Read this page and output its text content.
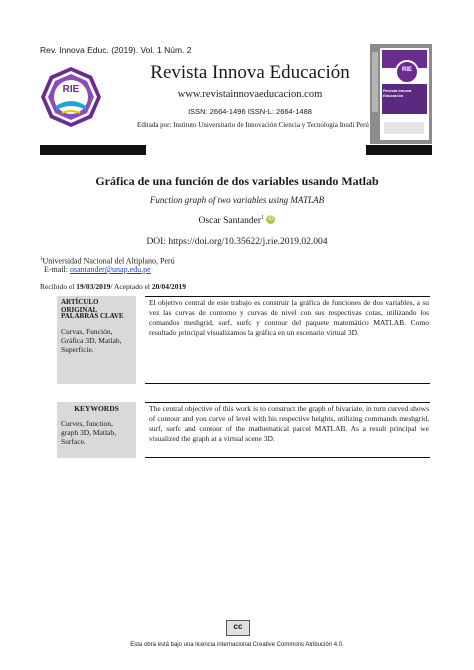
Rev. Innova Educ. (2019). Vol. 1 Núm. 2
RIE
Revista Innova Educación
www.revistainnovaeducacion.com
ISSN: 2664-1496 ISSN-L: 2664-1488
Editada por: Instituto Universitario de Innovación Ciencia y Tecnología Inudi Perú
RIE
Revista Innova Educación
Gráfica de una función de dos variables usando Matlab
Function graph of two variables using MATLAB
Oscar Santander$^1$ iD
DOI: https://doi.org/10.35622/j.rie.2019.02.004
$^1$Universidad Nacional del Altiplano, Perú
E-mail: osantander@unap.edu.pe
Recibido el 19/03/2019/ Aceptado el 20/04/2019
ARTÍCULO ORIGINAL
PALABRAS CLAVE
Curvas, Función, Gráfica 3D, Matlab, Superficie.
El objetivo central de este trabajo es construir la gráfica de funciones de dos variables, a su vez las curvas de contorno y curvas de nivel con sus respectivas cotas, utilizando los comandos meshgrid, surf, surfc y contour del paquete matemático MATLAB. Como resultado principal visualizamos la gráfica en un escenario virtual 3D.
KEYWORDS
Curves, function, graph 3D, Matlab, Surface.
The central objective of this work is to construct the graph of bivariate, in turn curved shows of contour and you curve of level with his respective heights, utilizing commands meshgrid, surf, surfc and contour of the mathematical parcel MATLAB. As a result principal we visualized the graph at a virtual scene 3D.
cc
Esta obra está bajo una licencia internacional Creative Commons Atribución 4.0.
